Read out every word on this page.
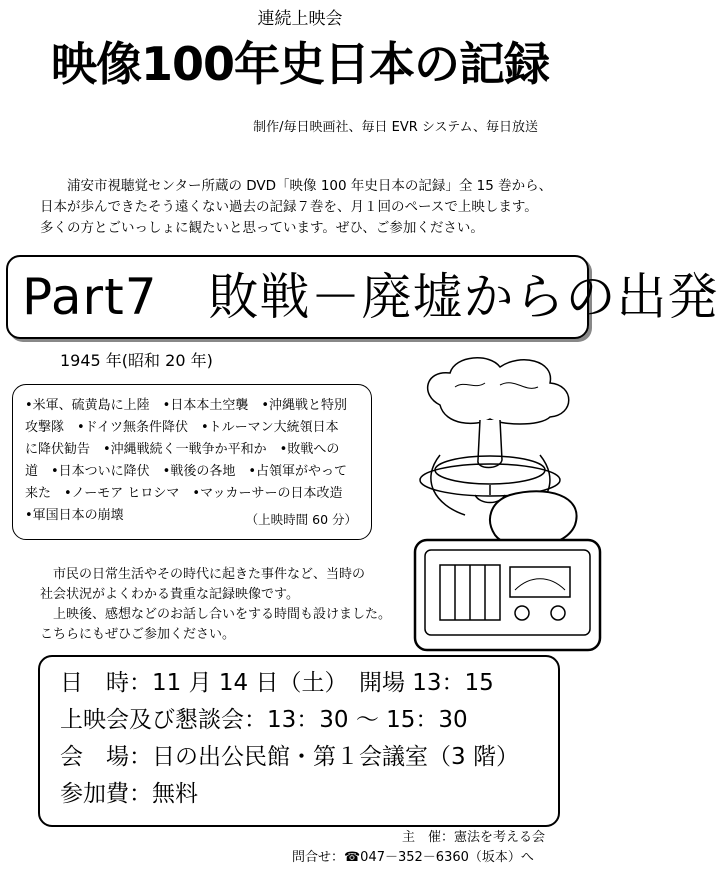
連続上映会
映像100年史日本の記録
制作/毎日映画社、毎日 EVR システム、毎日放送

浦安市視聴覚センター所蔵の DVD「映像 100 年史日本の記録」全 15 巻から、

日本が歩んできたそう遠くない過去の記録７巻を、月１回のペースで上映します。

多くの方とごいっしょに観たいと思っています。ぜひ、ご参加ください。

Part7　敗戦－廃墟からの出発
1945 年(昭和 20 年)
•米軍、硫黄島に上陸　•日本本土空襲　•沖縄戦と特別
攻撃隊　•ドイツ無条件降伏　•トルーマン大統領日本
に降伏勧告　•沖縄戦続く一戦争か平和か　•敗戦への
道　•日本ついに降伏　•戦後の各地　•占領軍がやって
来た　•ノーモア ヒロシマ　•マッカーサーの日本改造
•軍国日本の崩壊	（上映時間 60 分）

市民の日常生活やその時代に起きた事件など、当時の

社会状況がよくわかる貴重な記録映像です。

上映後、感想などのお話し合いをする時間も設けました。

こちらにもぜひご参加ください。

日　時：11 月 14 日（土）　開場 13：15
上映会及び懇談会：13：30 ～ 15：30
会　場：日の出公民館・第１会議室（3 階）
参加費：無料
主　催：憲法を考える会
問合せ：☎047－352－6360（坂本）へ
